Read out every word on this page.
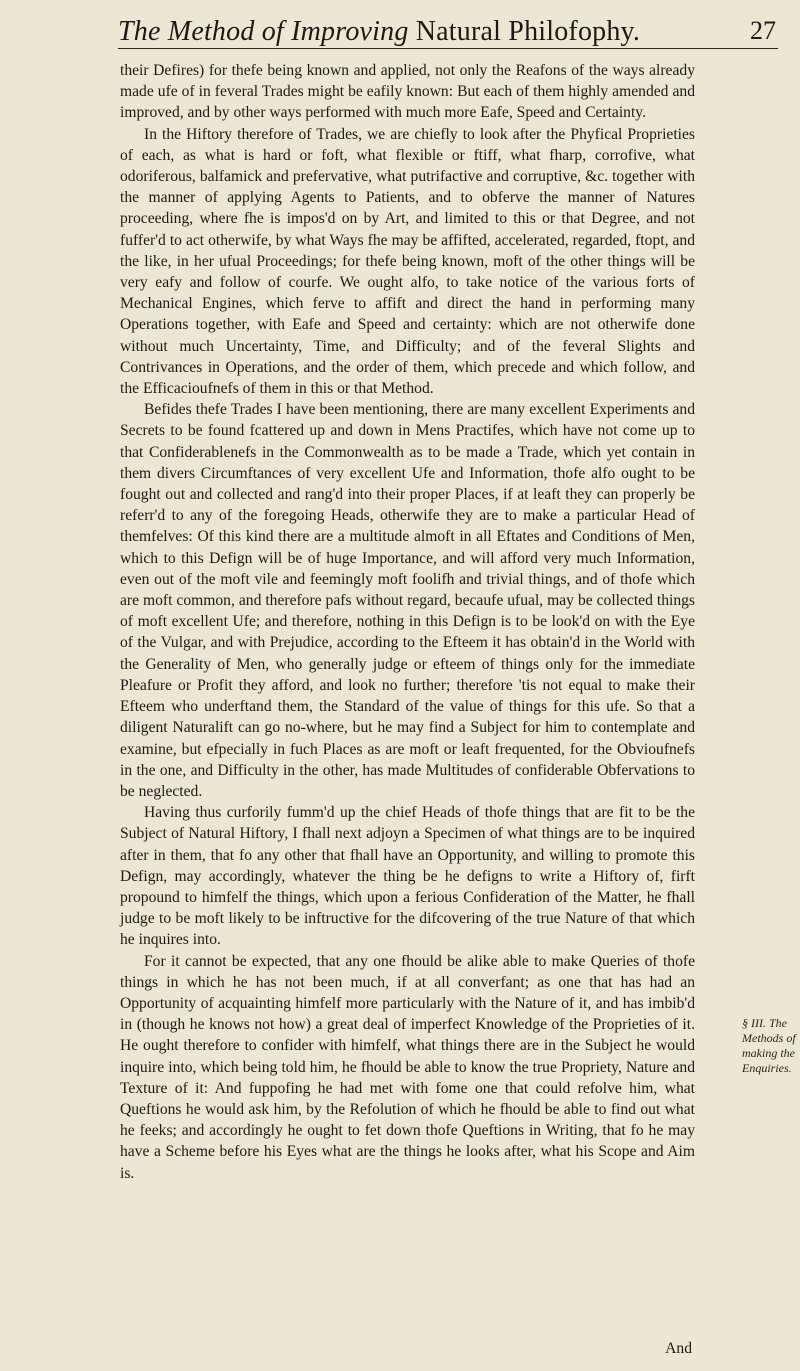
The Method of Improving Natural Philofophy.	27

their Defires) for thefe being known and applied, not only the Reafons of the ways already made ufe of in feveral Trades might be eafily known: But each of them highly amended and improved, and by other ways performed with much more Eafe, Speed and Certainty.

In the Hiftory therefore of Trades, we are chiefly to look after the Phyfical Proprieties of each, as what is hard or foft, what flexible or ftiff, what fharp, corrofive, what odoriferous, balfamick and prefervative, what putrifactive and corruptive, &c. together with the manner of applying Agents to Patients, and to obferve the manner of Natures proceeding, where fhe is impos'd on by Art, and limited to this or that Degree, and not fuffer'd to act otherwife, by what Ways fhe may be affifted, accelerated, regarded, ftopt, and the like, in her ufual Proceedings; for thefe being known, moft of the other things will be very eafy and follow of courfe. We ought alfo, to take notice of the various forts of Mechanical Engines, which ferve to affift and direct the hand in performing many Operations together, with Eafe and Speed and certainty: which are not otherwife done without much Uncertainty, Time, and Difficulty; and of the feveral Slights and Contrivances in Operations, and the order of them, which precede and which follow, and the Efficacioufnefs of them in this or that Method.

Befides thefe Trades I have been mentioning, there are many excellent Experiments and Secrets to be found fcattered up and down in Mens Practifes, which have not come up to that Confiderablenefs in the Commonwealth as to be made a Trade, which yet contain in them divers Circumftances of very excellent Ufe and Information, thofe alfo ought to be fought out and collected and rang'd into their proper Places, if at leaft they can properly be referr'd to any of the foregoing Heads, otherwife they are to make a particular Head of themfelves: Of this kind there are a multitude almoft in all Eftates and Conditions of Men, which to this Defign will be of huge Importance, and will afford very much Information, even out of the moft vile and feemingly moft foolifh and trivial things, and of thofe which are moft common, and therefore pafs without regard, becaufe ufual, may be collected things of moft excellent Ufe; and therefore, nothing in this Defign is to be look'd on with the Eye of the Vulgar, and with Prejudice, according to the Efteem it has obtain'd in the World with the Generality of Men, who generally judge or efteem of things only for the immediate Pleafure or Profit they afford, and look no further; therefore 'tis not equal to make their Efteem who underftand them, the Standard of the value of things for this ufe. So that a diligent Naturalift can go no-where, but he may find a Subject for him to contemplate and examine, but efpecially in fuch Places as are moft or leaft frequented, for the Obvioufnefs in the one, and Difficulty in the other, has made Multitudes of confiderable Obfervations to be neglected.

Having thus curforily fumm'd up the chief Heads of thofe things that are fit to be the Subject of Natural Hiftory, I fhall next adjoyn a Specimen of what things are to be inquired after in them, that fo any other that fhall have an Opportunity, and willing to promote this Defign, may accordingly, whatever the thing be he defigns to write a Hiftory of, firft propound to himfelf the things, which upon a ferious Confideration of the Matter, he fhall judge to be moft likely to be inftructive for the difcovering of the true Nature of that which he inquires into.

For it cannot be expected, that any one fhould be alike able to make Queries of thofe things in which he has not been much, if at all converfant; as one that has had an Opportunity of acquainting himfelf more particularly with the Nature of it, and has imbib'd in (though he knows not how) a great deal of imperfect Knowledge of the Proprieties of it. He ought therefore to confider with himfelf, what things there are in the Subject he would inquire into, which being told him, he fhould be able to know the true Propriety, Nature and Texture of it: And fuppofing he had met with fome one that could refolve him, what Queftions he would ask him, by the Refolution of which he fhould be able to find out what he feeks; and accordingly he ought to fet down thofe Queftions in Writing, that fo he may have a Scheme before his Eyes what are the things he looks after, what his Scope and Aim is.

§ III. The Methods of making the Enquiries.
And
